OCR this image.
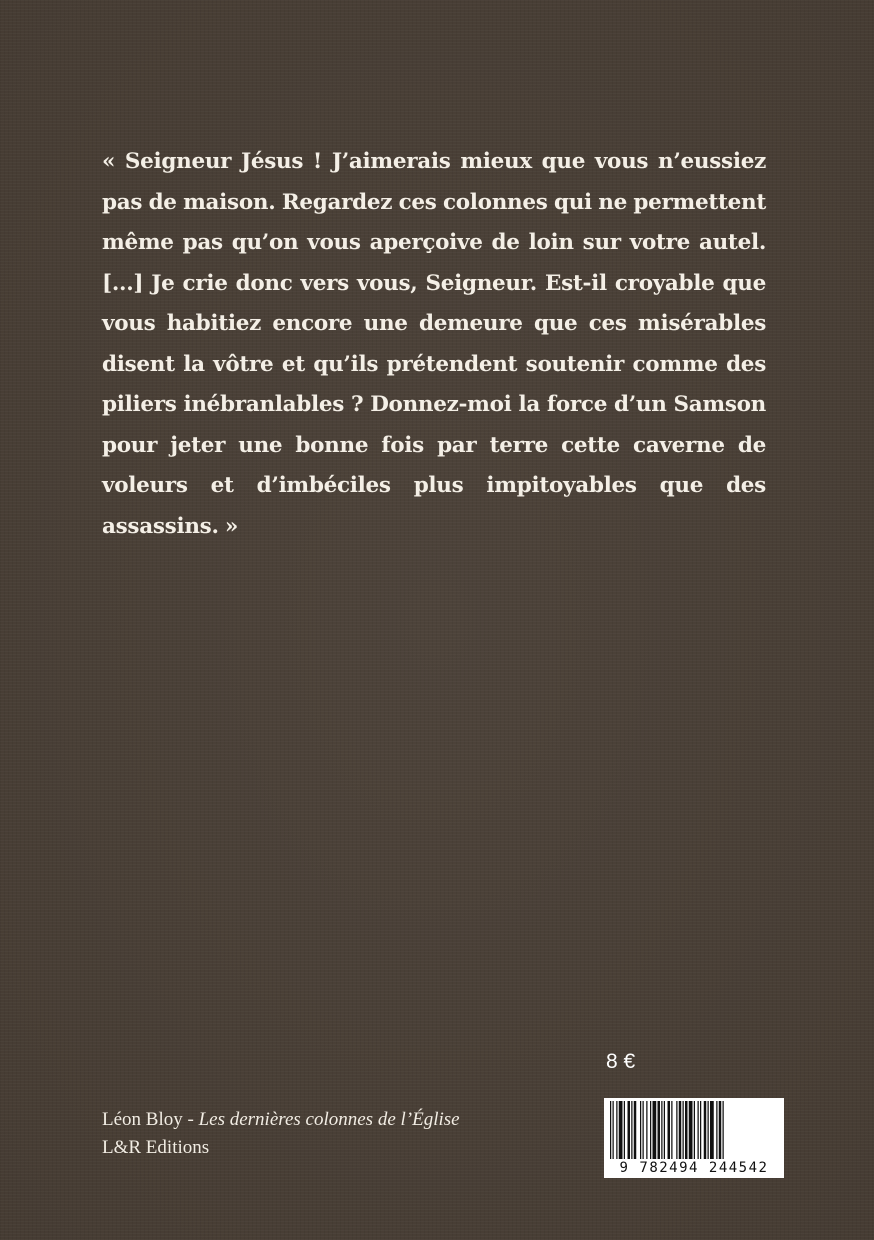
« Seigneur Jésus ! J’aimerais mieux que vous n’eussiez pas de maison. Regardez ces colonnes qui ne permettent même pas qu’on vous aperçoive de loin sur votre autel. [...] Je crie donc vers vous, Seigneur. Est-il croyable que vous habitiez encore une demeure que ces misérables disent la vôtre et qu’ils prétendent soutenir comme des piliers inébranlables ? Donnez-moi la force d’un Samson pour jeter une bonne fois par terre cette caverne de voleurs et d’imbéciles plus impitoyables que des assassins. »

Léon Bloy - Les dernières colonnes de l’Église
L&R Editions
8 €
9 782494 244542
